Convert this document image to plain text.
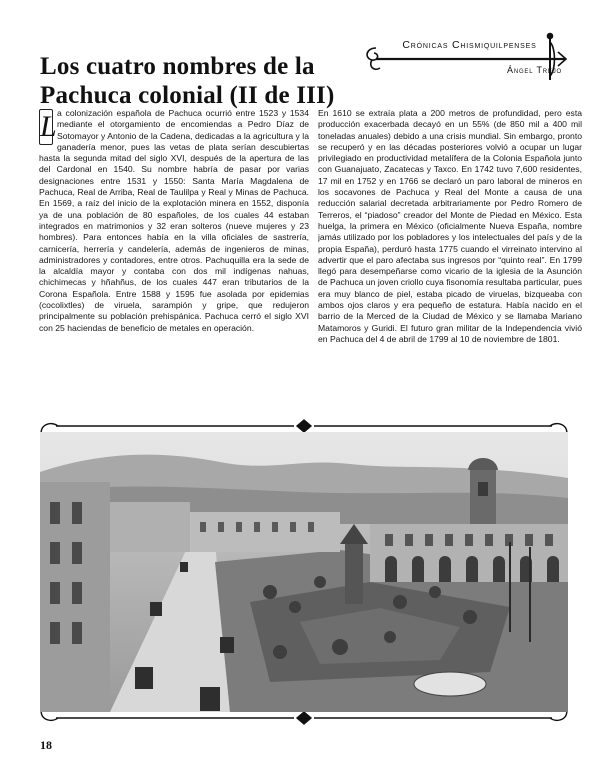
Los cuatro nombres de la Pachuca colonial (II de III)
Crónicas Chismiquilpenses
Ángel Trejo
L a colonización española de Pachuca ocurrió entre 1523 y 1534 mediante el otorgamiento de encomiendas a Pedro Díaz de Sotomayor y Antonio de la Cadena, dedicadas a la agricultura y la ganadería menor, pues las vetas de plata serían descubiertas hasta la segunda mitad del siglo XVI, después de la apertura de las del Cardonal en 1540. Su nombre habría de pasar por varias designaciones entre 1531 y 1550: Santa María Magdalena de Pachuca, Real de Arriba, Real de Taulilpa y Real y Minas de Pachuca. En 1569, a raíz del inicio de la explotación minera en 1552, disponía ya de una población de 80 españoles, de los cuales 44 estaban integrados en matrimonios y 32 eran solteros (nueve mujeres y 23 hombres). Para entonces había en la villa oficiales de sastrería, carnicería, herrería y candelería, además de ingenieros de minas, administradores y contadores, entre otros. Pachuquilla era la sede de la alcaldía mayor y contaba con dos mil indígenas nahuas, chichimecas y hñahñus, de los cuales 447 eran tributarios de la Corona Española. Entre 1588 y 1595 fue asolada por epidemias (cocolixtles) de viruela, sarampión y gripe, que redujeron principalmente su población prehispánica. Pachuca cerró el siglo XVI con 25 haciendas de beneficio de metales en operación.
En 1610 se extraía plata a 200 metros de profundidad, pero esta producción exacerbada decayó en un 55% (de 850 mil a 400 mil toneladas anuales) debido a una crisis mundial. Sin embargo, pronto se recuperó y en las décadas posteriores volvió a ocupar un lugar privilegiado en productividad metalífera de la Colonia Española junto con Guanajuato, Zacatecas y Taxco. En 1742 tuvo 7,600 residentes, 17 mil en 1752 y en 1766 se declaró un paro laboral de mineros en los socavones de Pachuca y Real del Monte a causa de una reducción salarial decretada arbitrariamente por Pedro Romero de Terreros, el “piadoso” creador del Monte de Piedad en México. Esta huelga, la primera en México (oficialmente Nueva España, nombre jamás utilizado por los pobladores y los intelectuales del país y de la propia España), perduró hasta 1775 cuando el virreinato intervino al advertir que el paro afectaba sus ingresos por “quinto real”. En 1799 llegó para desempeñarse como vicario de la iglesia de la Asunción de Pachuca un joven criollo cuya fisonomía resultaba particular, pues era muy blanco de piel, estaba picado de viruelas, bizqueaba con ambos ojos claros y era pequeño de estatura. Había nacido en el barrio de la Merced de la Ciudad de México y se llamaba Mariano Matamoros y Guridi. El futuro gran militar de la Independencia vivió en Pachuca del 4 de abril de 1799 al 10 de noviembre de 1801.
18
